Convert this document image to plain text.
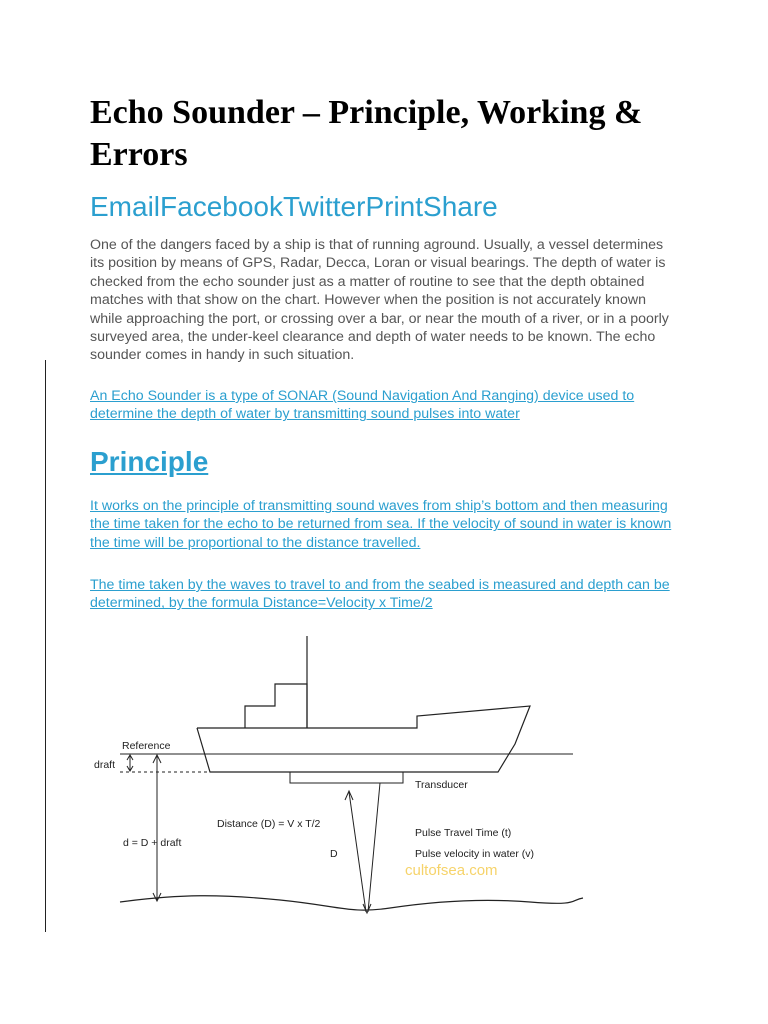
Echo Sounder – Principle, Working & Errors
EmailFacebookTwitterPrintShare

One of the dangers faced by a ship is that of running aground. Usually, a vessel determines its position by means of GPS, Radar, Decca, Loran or visual bearings. The depth of water is checked from the echo sounder just as a matter of routine to see that the depth obtained matches with that show on the chart. However when the position is not accurately known while approaching the port, or crossing over a bar, or near the mouth of a river, or in a poorly surveyed area, the under-keel clearance and depth of water needs to be known. The echo sounder comes in handy in such situation.

An Echo Sounder is a type of SONAR (Sound Navigation And Ranging) device used to determine the depth of water by transmitting sound pulses into water

Principle

It works on the principle of transmitting sound waves from ship’s bottom and then measuring the time taken for the echo to be returned from sea. If the velocity of sound in water is known the time will be proportional to the distance travelled.

The time taken by the waves to travel to and from the seabed is measured and depth can be determined, by the formula Distance=Velocity x Time/2

Reference
draft
Transducer
Distance (D) = V x T/2
d = D + draft
D
Pulse Travel Time (t)
Pulse velocity in water (v)
cultofsea.com
